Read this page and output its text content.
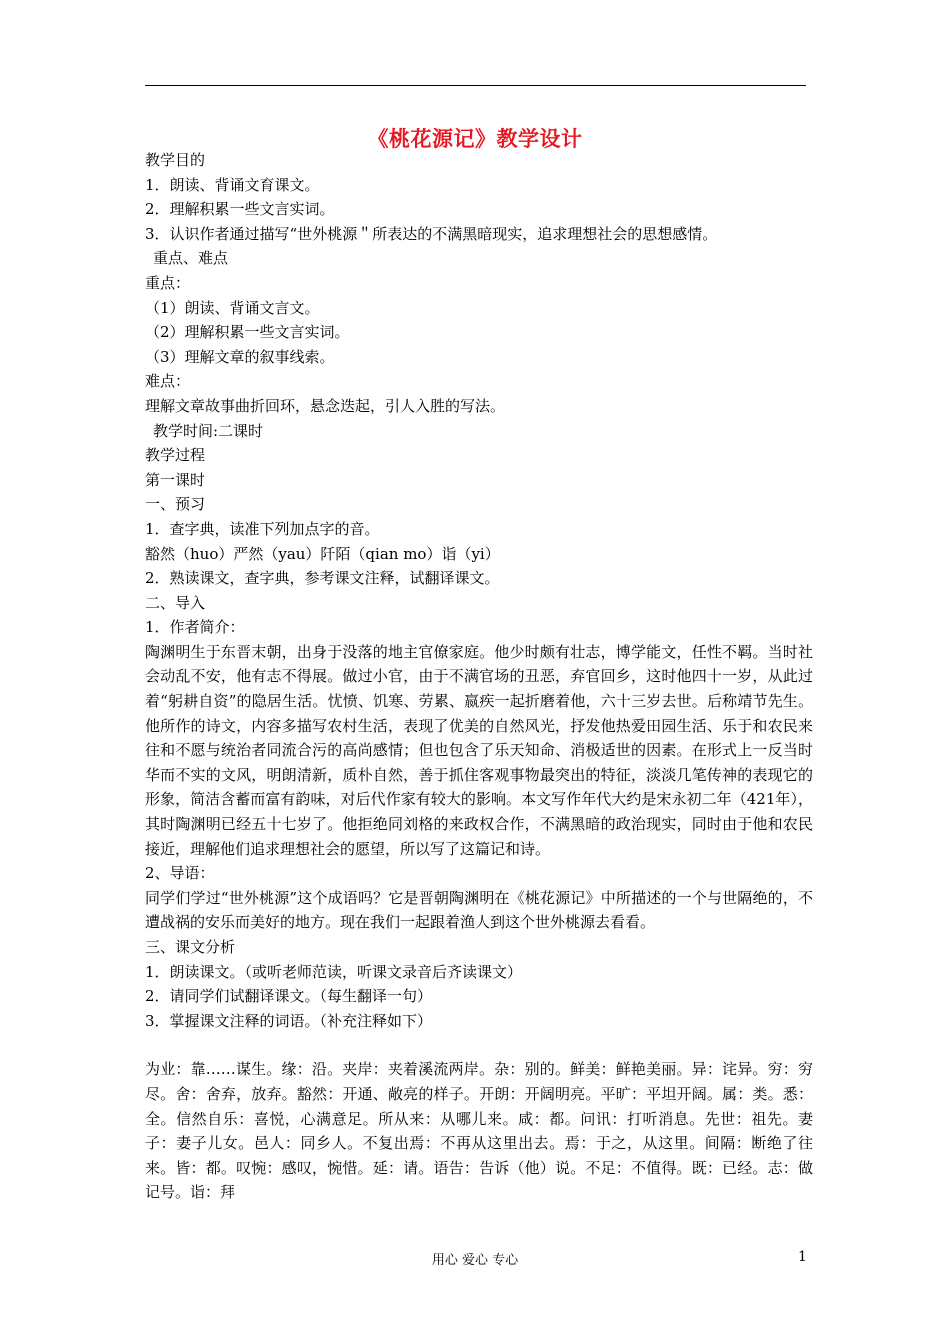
《桃花源记》教学设计

教学目的

1．朗读、背诵文育课文。

2．理解积累一些文言实词。

3．认识作者通过描写“世外桃源＂所表达的不满黑暗现实，追求理想社会的思想感情。

重点、难点

重点：

（1）朗读、背诵文言文。

（2）理解积累一些文言实词。

（3）理解文章的叙事线索。

难点：

理解文章故事曲折回环，悬念迭起，引人入胜的写法。

教学时间:二课时

教学过程

第一课时

一、预习

1．查字典，读准下列加点字的音。

豁然（huo）严然（yau）阡陌（qian mo）诣（yi）

2．熟读课文，查字典，参考课文注释，试翻译课文。

二、导入

1．作者简介：

陶渊明生于东晋末朝，出身于没落的地主官僚家庭。他少时颇有壮志，博学能文，任性不羁。当时社会动乱不安，他有志不得展。做过小官，由于不满官场的丑恶，弃官回乡，这时他四十一岁，从此过着“躬耕自资”的隐居生活。忧愤、饥寒、劳累、嬴疾一起折磨着他，六十三岁去世。后称靖节先生。他所作的诗文，内容多描写农村生活，表现了优美的自然风光，抒发他热爱田园生活、乐于和农民来往和不愿与统治者同流合污的高尚感情；但也包含了乐天知命、消极适世的因素。在形式上一反当时华而不实的文风，明朗清新，质朴自然，善于抓住客观事物最突出的特征，淡淡几笔传神的表现它的形象，简洁含蓄而富有韵味，对后代作家有较大的影响。本文写作年代大约是宋永初二年（421年），其时陶渊明已经五十七岁了。他拒绝同刘格的来政权合作，不满黑暗的政治现实，同时由于他和农民接近，理解他们追求理想社会的愿望，所以写了这篇记和诗。

2、导语：

同学们学过“世外桃源”这个成语吗？它是晋朝陶渊明在《桃花源记》中所描述的一个与世隔绝的，不遭战祸的安乐而美好的地方。现在我们一起跟着渔人到这个世外桃源去看看。

三、课文分析

1．朗读课文。（或听老师范读，听课文录音后齐读课文）

2．请同学们试翻译课文。（每生翻译一句）

3．掌握课文注释的词语。（补充注释如下）

为业：靠……谋生。缘：沿。夹岸：夹着溪流两岸。杂：别的。鲜美：鲜艳美丽。异：诧异。穷：穷尽。舍：舍弃，放弃。豁然：开通、敞亮的样子。开朗：开阔明亮。平旷：平坦开阔。属：类。悉：全。信然自乐：喜悦，心满意足。所从来：从哪儿来。咸：都。问讯：打听消息。先世：祖先。妻子：妻子儿女。邑人：同乡人。不复出焉：不再从这里出去。焉：于之，从这里。间隔：断绝了往来。皆：都。叹惋：感叹，惋惜。延：请。语告：告诉（他）说。不足：不值得。既：已经。志：做记号。诣：拜

用心 爱心 专心	1
